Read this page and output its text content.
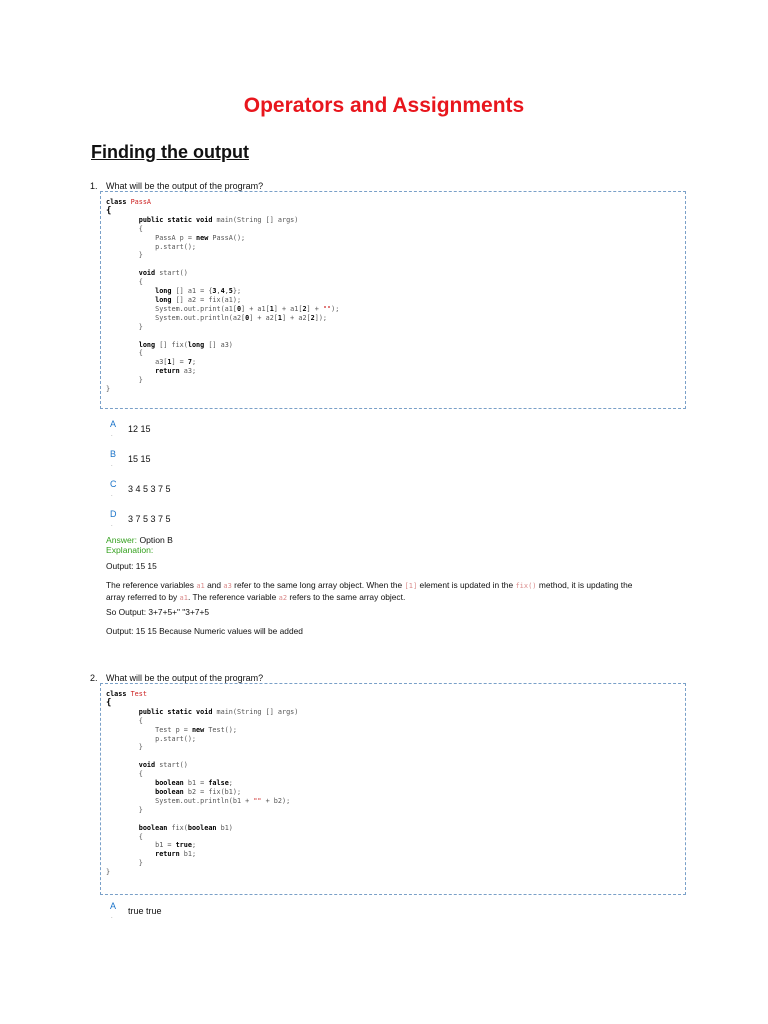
Operators and Assignments
Finding the output
1. What will be the output of the program?
class PassA
{
public static void main(String [] args)
{
PassA p = new PassA();
p.start();
}

void start()
{
long [] a1 = {3,4,5};
long [] a2 = fix(a1);
System.out.print(a1[0] + a1[1] + a1[2] + "");
System.out.println(a2[0] + a2[1] + a2[2]);
}

long [] fix(long [] a3)
{
a3[1] = 7;
return a3;
}
}
A
.
12 15
B
.
15 15
C
.
3 4 5 3 7 5
D
.
3 7 5 3 7 5
Answer: Option B
Explanation:
Output: 15 15
The reference variables a1 and a3 refer to the same long array object. When the [1] element is updated in the fix() method, it is updating the
array referred to by a1. The reference variable a2 refers to the same array object.
So Output: 3+7+5+" "3+7+5
Output: 15 15 Because Numeric values will be added
2. What will be the output of the program?
class Test
{
public static void main(String [] args)
{
Test p = new Test();
p.start();
}

void start()
{
boolean b1 = false;
boolean b2 = fix(b1);
System.out.println(b1 + "" + b2);
}

boolean fix(boolean b1)
{
b1 = true;
return b1;
}
}
A
.
true true
